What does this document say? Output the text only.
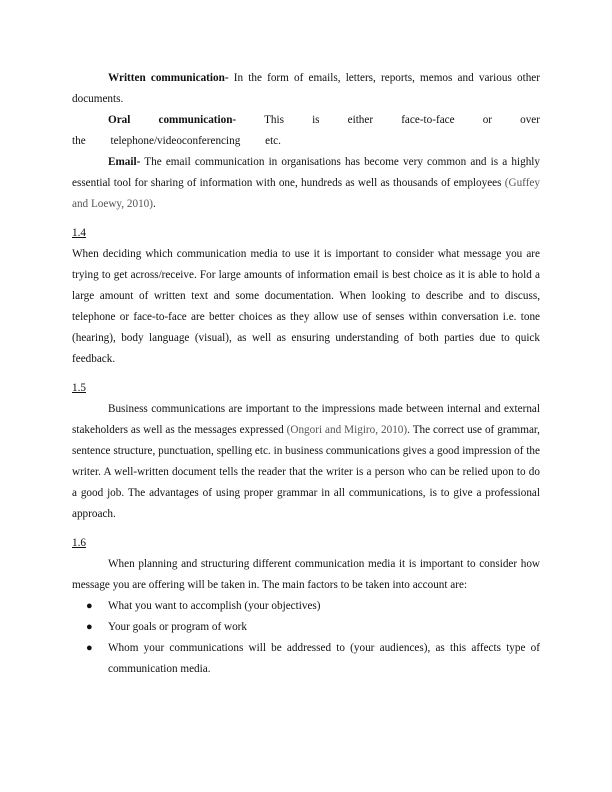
Written communication- In the form of emails, letters, reports, memos and various other documents.

Oral communication- This is either face-to-face or over the telephone/videoconferencing etc.

Email- The email communication in organisations has become very common and is a highly essential tool for sharing of information with one, hundreds as well as thousands of employees (Guffey and Loewy, 2010).

1.4

When deciding which communication media to use it is important to consider what message you are trying to get across/receive. For large amounts of information email is best choice as it is able to hold a large amount of written text and some documentation. When looking to describe and to discuss, telephone or face-to-face are better choices as they allow use of senses within conversation i.e. tone (hearing), body language (visual), as well as ensuring understanding of both parties due to quick feedback.

1.5

Business communications are important to the impressions made between internal and external stakeholders as well as the messages expressed (Ongori and Migiro, 2010). The correct use of grammar, sentence structure, punctuation, spelling etc. in business communications gives a good impression of the writer. A well-written document tells the reader that the writer is a person who can be relied upon to do a good job. The advantages of using proper grammar in all communications, is to give a professional approach.

1.6

When planning and structuring different communication media it is important to consider how message you are offering will be taken in. The main factors to be taken into account are:

● What you want to accomplish (your objectives)
● Your goals or program of work
● Whom your communications will be addressed to (your audiences), as this affects type of communication media.
